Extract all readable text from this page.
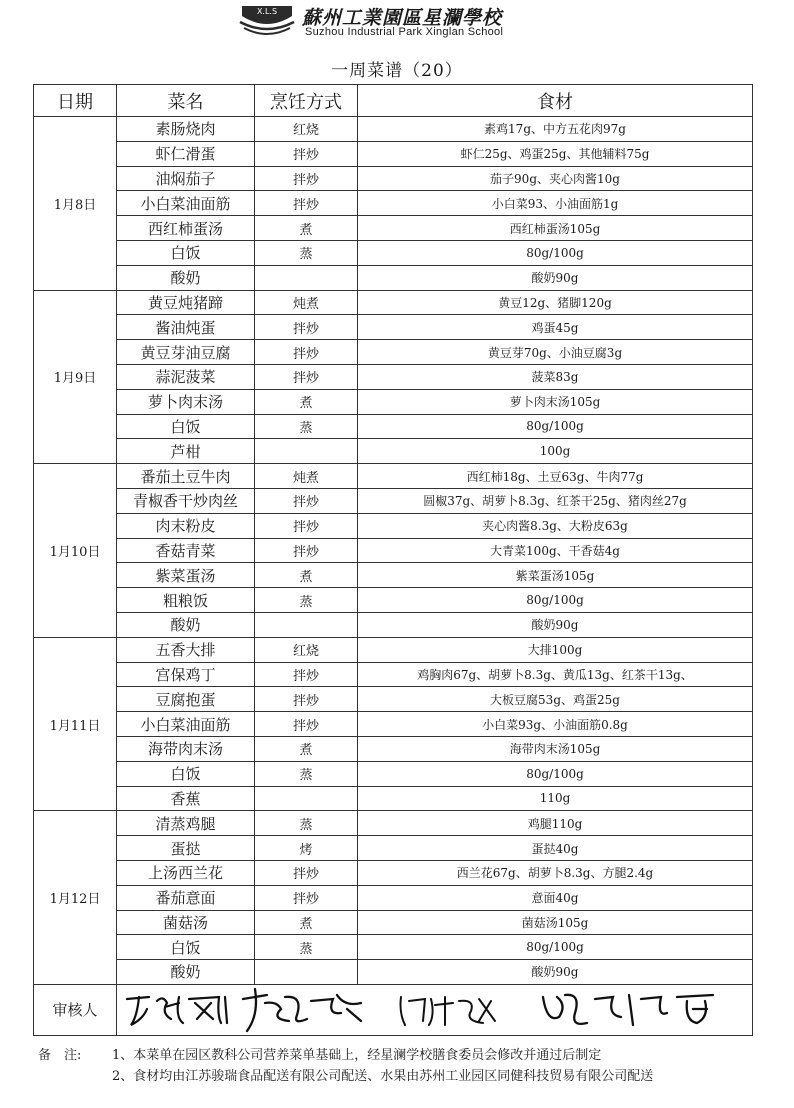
X.L.S 蘇州工業園區星瀾學校
Suzhou Industrial Park Xinglan School
一周菜谱（20）
日期	菜名	烹饪方式	食材
1月8日	素肠烧肉	红烧	素鸡17g、中方五花肉97g
	虾仁滑蛋	拌炒	虾仁25g、鸡蛋25g、其他辅料75g
	油焖茄子	拌炒	茄子90g、夹心肉酱10g
	小白菜油面筋	拌炒	小白菜93、小油面筋1g
	西红柿蛋汤	煮	西红柿蛋汤105g
	白饭	蒸	80g/100g
	酸奶		酸奶90g
1月9日	黄豆炖猪蹄	炖煮	黄豆12g、猪脚120g
	酱油炖蛋	拌炒	鸡蛋45g
	黄豆芽油豆腐	拌炒	黄豆芽70g、小油豆腐3g
	蒜泥菠菜	拌炒	菠菜83g
	萝卜肉末汤	煮	萝卜肉末汤105g
	白饭	蒸	80g/100g
	芦柑		100g
1月10日	番茄土豆牛肉	炖煮	西红柿18g、土豆63g、牛肉77g
	青椒香干炒肉丝	拌炒	圆椒37g、胡萝卜8.3g、红茶干25g、猪肉丝27g
	肉末粉皮	拌炒	夹心肉酱8.3g、大粉皮63g
	香菇青菜	拌炒	大青菜100g、干香菇4g
	紫菜蛋汤	煮	紫菜蛋汤105g
	粗粮饭	蒸	80g/100g
	酸奶		酸奶90g
1月11日	五香大排	红烧	大排100g
	宫保鸡丁	拌炒	鸡胸肉67g、胡萝卜8.3g、黄瓜13g、红茶干13g、
	豆腐抱蛋	拌炒	大板豆腐53g、鸡蛋25g
	小白菜油面筋	拌炒	小白菜93g、小油面筋0.8g
	海带肉末汤	煮	海带肉末汤105g
	白饭	蒸	80g/100g
	香蕉		110g
1月12日	清蒸鸡腿	蒸	鸡腿110g
	蛋挞	烤	蛋挞40g
	上汤西兰花	拌炒	西兰花67g、胡萝卜8.3g、方腿2.4g
	番茄意面	拌炒	意面40g
	菌菇汤	煮	菌菇汤105g
	白饭	蒸	80g/100g
	酸奶		酸奶90g
审核人	
备　注: 1、本菜单在园区教科公司营养菜单基础上，经星澜学校膳食委员会修改并通过后制定
2、食材均由江苏骏瑞食品配送有限公司配送、水果由苏州工业园区同健科技贸易有限公司配送
